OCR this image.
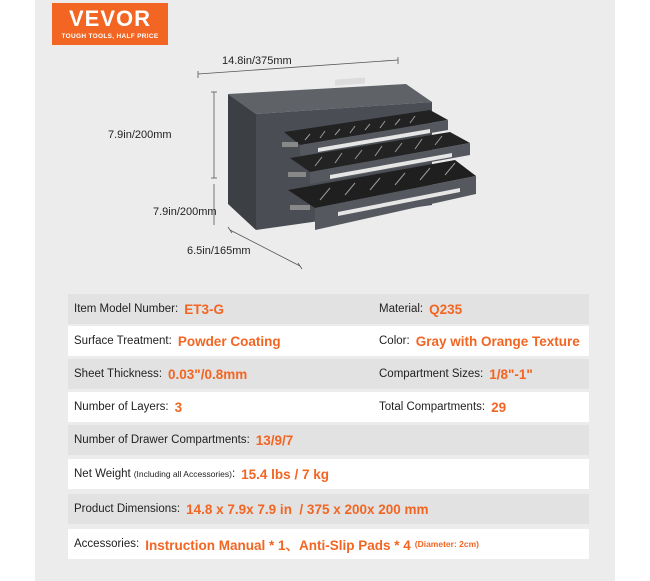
VEVOR
TOUGH TOOLS, HALF PRICE
14.8in/375mm
7.9in/200mm
7.9in/200mm
6.5in/165mm
Item Model Number : ET3-G	Material : Q235
Surface Treatment : Powder Coating	Color : Gray with Orange Texture
Sheet Thickness : 0.03"/0.8mm	Compartment Sizes : 1/8"-1"
Number of Layers : 3	Total Compartments : 29
Number of Drawer Compartments : 13/9/7
Net Weight (Including all Accessories) : 15.4 lbs / 7 kg
Product Dimensions : 14.8 x 7.9x 7.9 in  / 375 x 200x 200 mm
Accessories : Instruction Manual * 1、Anti-Slip Pads * 4 (Diameter: 2cm)
